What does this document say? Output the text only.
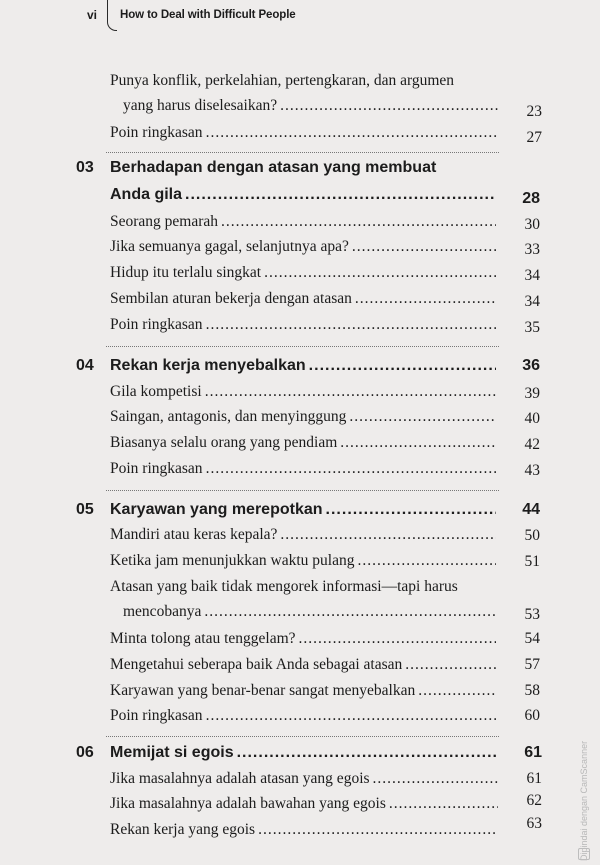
vi How to Deal with Difficult People
Punya konflik, perkelahian, pertengkaran, dan argumen
yang harus diselesaikan? .....	23
Poin ringkasan .....	27
03 Berhadapan dengan atasan yang membuat
Anda gila .....	28
Seorang pemarah .....	30
Jika semuanya gagal, selanjutnya apa? .....	33
Hidup itu terlalu singkat .....	34
Sembilan aturan bekerja dengan atasan .....	34
Poin ringkasan .....	35
04 Rekan kerja menyebalkan .....	36
Gila kompetisi .....	39
Saingan, antagonis, dan menyinggung .....	40
Biasanya selalu orang yang pendiam .....	42
Poin ringkasan .....	43
05 Karyawan yang merepotkan .....	44
Mandiri atau keras kepala? .....	50
Ketika jam menunjukkan waktu pulang .....	51
Atasan yang baik tidak mengorek informasi—tapi harus
mencobanya .....	53
Minta tolong atau tenggelam? .....	54
Mengetahui seberapa baik Anda sebagai atasan .....	57
Karyawan yang benar-benar sangat menyebalkan .....	58
Poin ringkasan .....	60
06 Memijat si egois .....	61
Jika masalahnya adalah atasan yang egois .....	61
Jika masalahnya adalah bawahan yang egois .....	62
Rekan kerja yang egois .....	63	Dipindai dengan CamScanner
